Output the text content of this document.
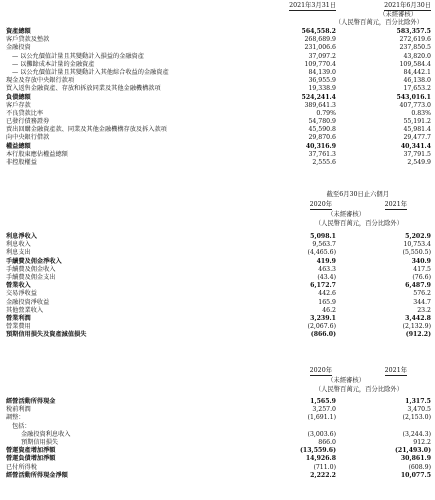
2021年3月31日	2021年6月30日
（未經審核）
（人民幣百萬元，百分比除外）
資產總額	564,558.2	583,357.5
客戶貸款及墊款	268,689.9	272,619.6
金融投資	231,006.6	237,850.5
— 以公允價值計量且其變動計入損益的金融資產	37,097.2	43,820.0
— 以攤餘成本計量的金融資產	109,770.4	109,584.4
— 以公允價值計量且其變動計入其他綜合收益的金融資產	84,139.0	84,442.1
現金及存放中央銀行款項	36,955.9	46,138.0
買入返售金融資產、存放和拆放同業及其他金融機構款項	19,338.9	17,653.2
負債總額	524,241.4	543,016.1
客戶存款	389,641.3	407,773.0
不良貸款比率	0.79%	0.83%
已發行債務證券	54,780.9	55,191.2
賣出回購金融資產款、同業及其他金融機構存放及拆入款項	45,590.8	45,981.4
向中央銀行借款	29,870.6	29,477.7
權益總額	40,316.9	40,341.4
本行股東應佔權益總額	37,761.3	37,791.5
非控股權益	2,555.6	2,549.9
截至6月30日止六個月
2020年	2021年
（未經審核）
（人民幣百萬元，百分比除外）
利息淨收入	5,098.1	5,202.9
利息收入	9,563.7	10,753.4
利息支出	(4,465.6)	(5,550.5)
手續費及佣金淨收入	419.9	340.9
手續費及佣金收入	463.3	417.5
手續費及佣金支出	(43.4)	(76.6)
營業收入	6,172.7	6,487.9
交易淨收益	442.6	576.2
金融投資淨收益	165.9	344.7
其他營業收入	46.2	23.2
營業利潤	3,239.1	3,442.8
營業費用	(2,067.6)	(2,132.9)
預期信用損失及資產減值損失	(866.0)	(912.2)
2020年	2021年
（未經審核）
（人民幣百萬元，百分比除外）
經營活動所得現金	1,565.9	1,317.5
稅前利潤	3,257.0	3,470.5
調整：	(1,691.1)	(2,153.0)
包括：
金融投資利息收入	(3,003.6)	(3,244.3)
預期信用損失	866.0	912.2
營運資產增加淨額	(13,559.6)	(21,493.0)
營運負債增加淨額	14,926.8	30,861.9
已付所得稅	(711.0)	(608.9)
經營活動所得現金淨額	2,222.2	10,077.5
